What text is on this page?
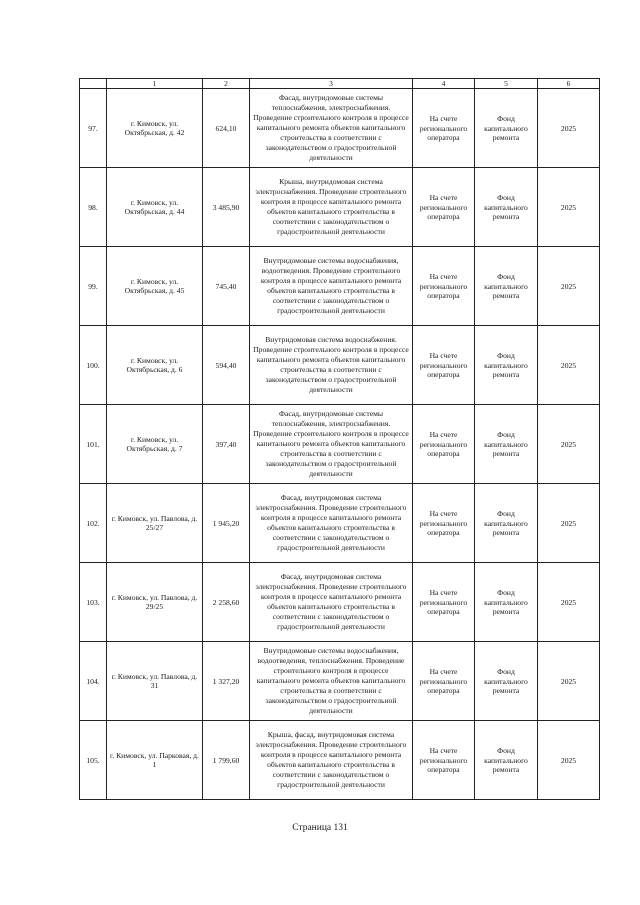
	1	2	3	4	5	6
97.	г. Кимовск, ул. Октябрьская, д. 42	624,10	Фасад, внутридомовые системы теплоснабжения, электроснабжения. Проведение строительного контроля в процессе капитального ремонта объектов капитального строительства в соответствии с законодательством о градостроительной деятельности	На счете регионального оператора	Фонд капитального ремонта	2025
98.	г. Кимовск, ул. Октябрьская, д. 44	3 485,90	Крыша, внутридомовая система электроснабжения. Проведение строительного контроля в процессе капитального ремонта объектов капитального строительства в соответствии с законодательством о градостроительной деятельности	На счете регионального оператора	Фонд капитального ремонта	2025
99.	г. Кимовск, ул. Октябрьская, д. 45	745,40	Внутридомовые системы водоснабжения, водоотведения. Проведение строительного контроля в процессе капитального ремонта объектов капитального строительства в соответствии с законодательством о градостроительной деятельности	На счете регионального оператора	Фонд капитального ремонта	2025
100.	г. Кимовск, ул. Октябрьская, д. 6	594,40	Внутридомовая система водоснабжения. Проведение строительного контроля в процессе капитального ремонта объектов капитального строительства в соответствии с законодательством о градостроительной деятельности	На счете регионального оператора	Фонд капитального ремонта	2025
101.	г. Кимовск, ул. Октябрьская, д. 7	397,40	Фасад, внутридомовые системы теплоснабжения, электроснабжения. Проведение строительного контроля в процессе капитального ремонта объектов капитального строительства в соответствии с законодательством о градостроительной деятельности	На счете регионального оператора	Фонд капитального ремонта	2025
102.	г. Кимовск, ул. Павлова, д. 25/27	1 945,20	Фасад, внутридомовая система электроснабжения. Проведение строительного контроля в процессе капитального ремонта объектов капитального строительства в соответствии с законодательством о градостроительной деятельности	На счете регионального оператора	Фонд капитального ремонта	2025
103.	г. Кимовск, ул. Павлова, д. 29/25	2 258,60	Фасад, внутридомовая система электроснабжения. Проведение строительного контроля в процессе капитального ремонта объектов капитального строительства в соответствии с законодательством о градостроительной деятельности	На счете регионального оператора	Фонд капитального ремонта	2025
104.	г. Кимовск, ул. Павлова, д. 31	1 327,20	Внутридомовые системы водоснабжения, водоотведения, теплоснабжения. Проведение строительного контроля в процессе капитального ремонта объектов капитального строительства в соответствии с законодательством о градостроительной деятельности	На счете регионального оператора	Фонд капитального ремонта	2025
105.	г. Кимовск, ул. Парковая, д. 1	1 799,60	Крыша, фасад, внутридомовая система электроснабжения. Проведение строительного контроля в процессе капитального ремонта объектов капитального строительства в соответствии с законодательством о градостроительной деятельности	На счете регионального оператора	Фонд капитального ремонта	2025
Страница 131
